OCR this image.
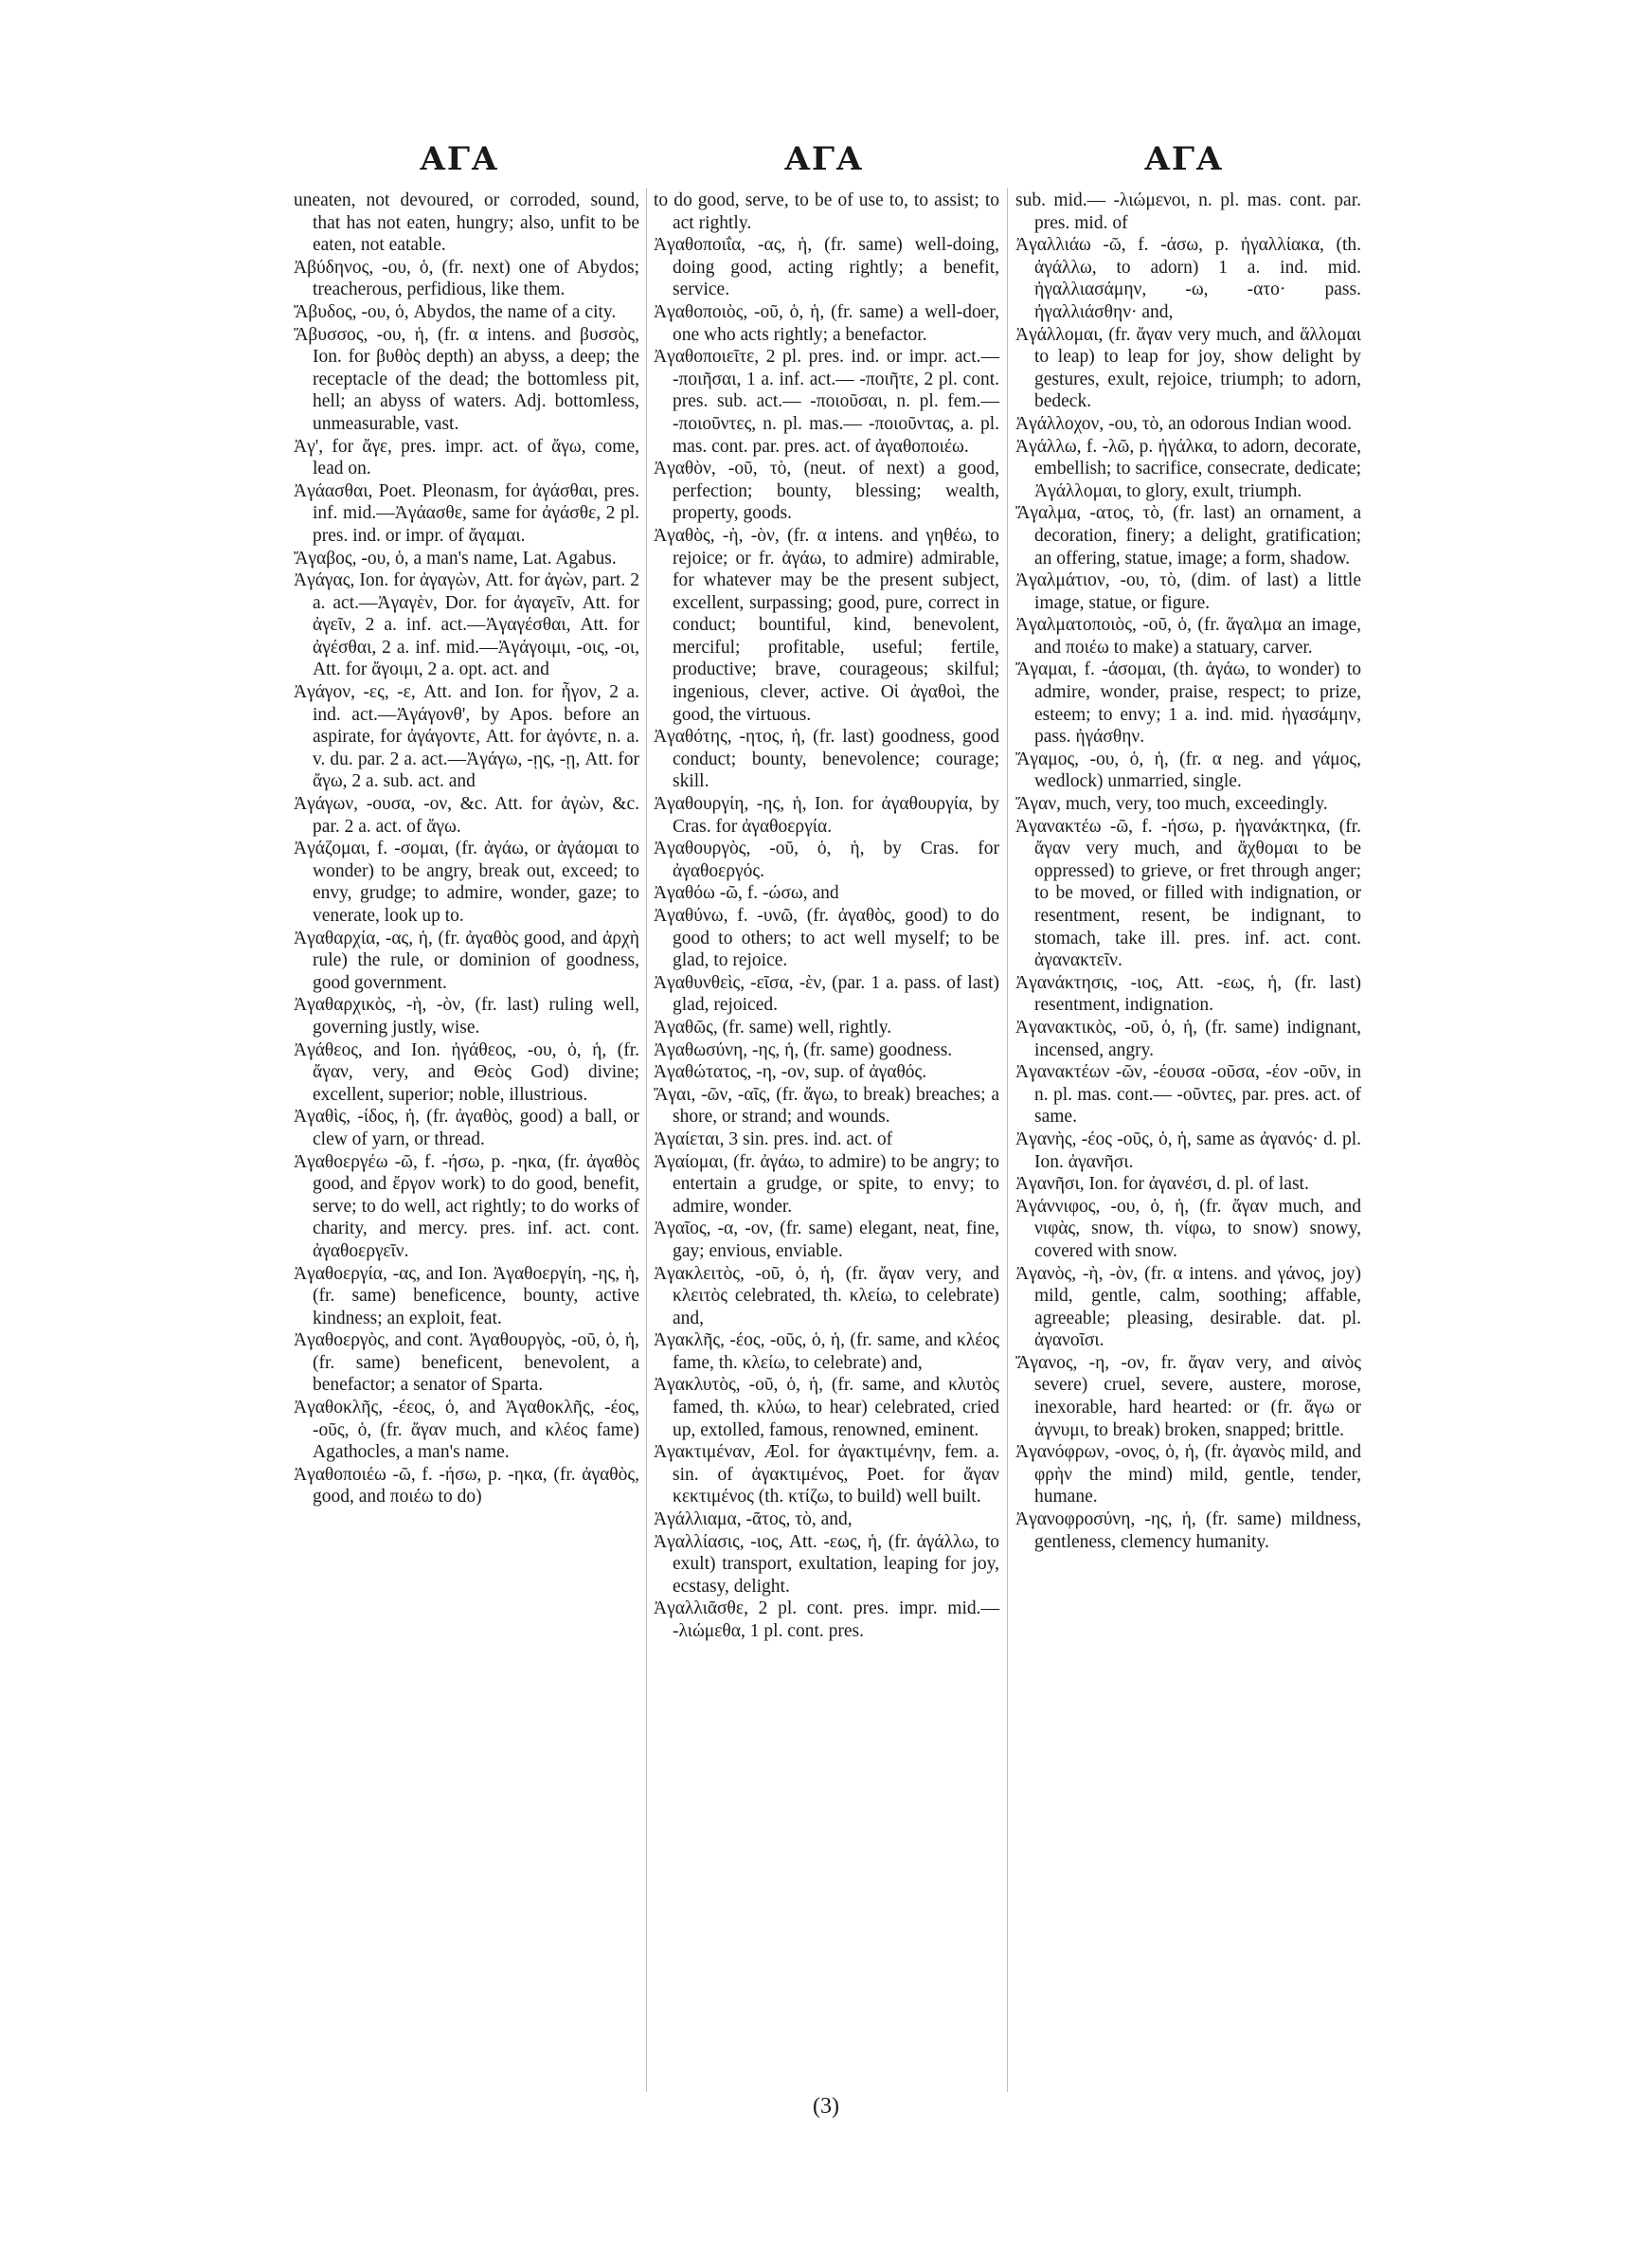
ΑΓΑ	ΑΓΑ	ΑΓΑ

uneaten, not devoured, or corroded, sound, that has not eaten, hungry; also, unfit to be eaten, not eatable.

Ἀβύδηνος, -ου, ὁ, (fr. next) one of Abydos; treacherous, perfidious, like them.

Ἄβυδος, -ου, ὁ, Abydos, the name of a city.

Ἄβυσσος, -ου, ἡ, (fr. α intens. and βυσσὸς, Ion. for βυθὸς depth) an abyss, a deep; the receptacle of the dead; the bottomless pit, hell; an abyss of waters. Adj. bottomless, unmeasurable, vast.

Ἀγ', for ἄγε, pres. impr. act. of ἄγω, come, lead on.

Ἀγάασθαι, Poet. Pleonasm, for ἀγάσθαι, pres. inf. mid.—Ἀγάασθε, same for ἀγάσθε, 2 pl. pres. ind. or impr. of ἄγαμαι.

Ἄγαβος, -ου, ὁ, a man's name, Lat. Agabus.

Ἀγάγας, Ion. for ἀγαγὼν, Att. for ἀγὼν, part. 2 a. act.—Ἀγαγὲν, Dor. for ἀγαγεῖν, Att. for ἀγεῖν, 2 a. inf. act.—Ἀγαγέσθαι, Att. for ἀγέσθαι, 2 a. inf. mid.—Ἀγάγοιμι, -οις, -οι, Att. for ἄγοιμι, 2 a. opt. act. and

Ἀγάγον, -ες, -ε, Att. and Ion. for ἦγον, 2 a. ind. act.—Ἀγάγονθ', by Apos. before an aspirate, for ἀγάγοντε, Att. for ἀγόντε, n. a. v. du. par. 2 a. act.—Ἀγάγω, -ῃς, -ῃ, Att. for ἄγω, 2 a. sub. act. and

Ἀγάγων, -ουσα, -ον, &c. Att. for ἀγὼν, &c. par. 2 a. act. of ἄγω.

Ἀγάζομαι, f. -σομαι, (fr. ἀγάω, or ἀγάομαι to wonder) to be angry, break out, exceed; to envy, grudge; to admire, wonder, gaze; to venerate, look up to.

Ἀγαθαρχία, -ας, ἡ, (fr. ἀγαθὸς good, and ἀρχὴ rule) the rule, or dominion of goodness, good government.

Ἀγαθαρχικὸς, -ὴ, -ὸν, (fr. last) ruling well, governing justly, wise.

Ἀγάθεος, and Ion. ἠγάθεος, -ου, ὁ, ἡ, (fr. ἄγαν, very, and Θεὸς God) divine; excellent, superior; noble, illustrious.

Ἀγαθὶς, -ίδος, ἡ, (fr. ἀγαθὸς, good) a ball, or clew of yarn, or thread.

Ἀγαθοεργέω -ῶ, f. -ήσω, p. -ηκα, (fr. ἀγαθὸς good, and ἔργον work) to do good, benefit, serve; to do well, act rightly; to do works of charity, and mercy. pres. inf. act. cont. ἀγαθοεργεῖν.

Ἀγαθοεργία, -ας, and Ion. Ἀγαθοεργίη, -ης, ἡ, (fr. same) beneficence, bounty, active kindness; an exploit, feat.

Ἀγαθοεργὸς, and cont. Ἀγαθουργὸς, -οῦ, ὁ, ἡ, (fr. same) beneficent, benevolent, a benefactor; a senator of Sparta.

Ἀγαθοκλῆς, -έεος, ὁ, and Ἀγαθοκλῆς, -έος, -οῦς, ὁ, (fr. ἄγαν much, and κλέος fame) Agathocles, a man's name.

Ἀγαθοποιέω -ῶ, f. -ήσω, p. -ηκα, (fr. ἀγαθὸς, good, and ποιέω to do)

to do good, serve, to be of use to, to assist; to act rightly.

Ἀγαθοποιΐα, -ας, ἡ, (fr. same) well-doing, doing good, acting rightly; a benefit, service.

Ἀγαθοποιὸς, -οῦ, ὁ, ἡ, (fr. same) a well-doer, one who acts rightly; a benefactor.

Ἀγαθοποιεῖτε, 2 pl. pres. ind. or impr. act.— -ποιῆσαι, 1 a. inf. act.— -ποιῆτε, 2 pl. cont. pres. sub. act.— -ποιοῦσαι, n. pl. fem.— -ποιοῦντες, n. pl. mas.— -ποιοῦντας, a. pl. mas. cont. par. pres. act. of ἀγαθοποιέω.

Ἀγαθὸν, -οῦ, τὸ, (neut. of next) a good, perfection; bounty, blessing; wealth, property, goods.

Ἀγαθὸς, -ὴ, -ὸν, (fr. α intens. and γηθέω, to rejoice; or fr. ἀγάω, to admire) admirable, for whatever may be the present subject, excellent, surpassing; good, pure, correct in conduct; bountiful, kind, benevolent, merciful; profitable, useful; fertile, productive; brave, courageous; skilful; ingenious, clever, active. Οἱ ἀγαθοὶ, the good, the virtuous.

Ἀγαθότης, -ητος, ἡ, (fr. last) goodness, good conduct; bounty, benevolence; courage; skill.

Ἀγαθουργίη, -ης, ἡ, Ion. for ἀγαθουργία, by Cras. for ἀγαθοεργία.

Ἀγαθουργὸς, -οῦ, ὁ, ἡ, by Cras. for ἀγαθοεργός.

Ἀγαθόω -ῶ, f. -ώσω, and

Ἀγαθύνω, f. -υνῶ, (fr. ἀγαθὸς, good) to do good to others; to act well myself; to be glad, to rejoice.

Ἀγαθυνθεὶς, -εῖσα, -ὲν, (par. 1 a. pass. of last) glad, rejoiced.

Ἀγαθῶς, (fr. same) well, rightly.

Ἀγαθωσύνη, -ης, ἡ, (fr. same) goodness.

Ἀγαθώτατος, -η, -ον, sup. of ἀγαθός.

Ἄγαι, -ῶν, -αῖς, (fr. ἄγω, to break) breaches; a shore, or strand; and wounds.

Ἀγαίεται, 3 sin. pres. ind. act. of

Ἀγαίομαι, (fr. ἀγάω, to admire) to be angry; to entertain a grudge, or spite, to envy; to admire, wonder.

Ἀγαῖος, -α, -ον, (fr. same) elegant, neat, fine, gay; envious, enviable.

Ἀγακλειτὸς, -οῦ, ὁ, ἡ, (fr. ἄγαν very, and κλειτὸς celebrated, th. κλείω, to celebrate) and,

Ἀγακλῆς, -έος, -οῦς, ὁ, ἡ, (fr. same, and κλέος fame, th. κλείω, to celebrate) and,

Ἀγακλυτὸς, -οῦ, ὁ, ἡ, (fr. same, and κλυτὸς famed, th. κλύω, to hear) celebrated, cried up, extolled, famous, renowned, eminent.

Ἀγακτιμέναν, Æol. for ἀγακτιμένην, fem. a. sin. of ἀγακτιμένος, Poet. for ἄγαν κεκτιμένος (th. κτίζω, to build) well built.

Ἀγάλλιαμα, -ᾶτος, τὸ, and,

Ἀγαλλίασις, -ιος, Att. -εως, ἡ, (fr. ἀγάλλω, to exult) transport, exultation, leaping for joy, ecstasy, delight.

Ἀγαλλιᾶσθε, 2 pl. cont. pres. impr. mid.— -λιώμεθα, 1 pl. cont. pres.

sub. mid.— -λιώμενοι, n. pl. mas. cont. par. pres. mid. of

Ἀγαλλιάω -ῶ, f. -άσω, p. ἠγαλλίακα, (th. ἀγάλλω, to adorn) 1 a. ind. mid. ἠγαλλιασάμην, -ω, -ατο· pass. ἠγαλλιάσθην· and,

Ἀγάλλομαι, (fr. ἄγαν very much, and ἅλλομαι to leap) to leap for joy, show delight by gestures, exult, rejoice, triumph; to adorn, bedeck.

Ἀγάλλοχον, -ου, τὸ, an odorous Indian wood.

Ἀγάλλω, f. -λῶ, p. ἠγάλκα, to adorn, decorate, embellish; to sacrifice, consecrate, dedicate; Ἀγάλλομαι, to glory, exult, triumph.

Ἄγαλμα, -ατος, τὸ, (fr. last) an ornament, a decoration, finery; a delight, gratification; an offering, statue, image; a form, shadow.

Ἀγαλμάτιον, -ου, τὸ, (dim. of last) a little image, statue, or figure.

Ἀγαλματοποιὸς, -οῦ, ὁ, (fr. ἄγαλμα an image, and ποιέω to make) a statuary, carver.

Ἄγαμαι, f. -άσομαι, (th. ἀγάω, to wonder) to admire, wonder, praise, respect; to prize, esteem; to envy; 1 a. ind. mid. ἠγασάμην, pass. ἠγάσθην.

Ἄγαμος, -ου, ὁ, ἡ, (fr. α neg. and γάμος, wedlock) unmarried, single.

Ἄγαν, much, very, too much, exceedingly.

Ἀγανακτέω -ῶ, f. -ήσω, p. ἠγανάκτηκα, (fr. ἄγαν very much, and ἄχθομαι to be oppressed) to grieve, or fret through anger; to be moved, or filled with indignation, or resentment, resent, be indignant, to stomach, take ill. pres. inf. act. cont. ἀγανακτεῖν.

Ἀγανάκτησις, -ιος, Att. -εως, ἡ, (fr. last) resentment, indignation.

Ἀγανακτικὸς, -οῦ, ὁ, ἡ, (fr. same) indignant, incensed, angry.

Ἀγανακτέων -ῶν, -έουσα -οῦσα, -έον -οῦν, in n. pl. mas. cont.— -οῦντες, par. pres. act. of same.

Ἀγανὴς, -έος -οῦς, ὁ, ἡ, same as ἀγανός· d. pl. Ion. ἀγανῆσι.

Ἀγανῆσι, Ion. for ἀγανέσι, d. pl. of last.

Ἀγάννιφος, -ου, ὁ, ἡ, (fr. ἄγαν much, and νιφὰς, snow, th. νίφω, to snow) snowy, covered with snow.

Ἀγανὸς, -ὴ, -ὸν, (fr. α intens. and γάνος, joy) mild, gentle, calm, soothing; affable, agreeable; pleasing, desirable. dat. pl. ἀγανοῖσι.

Ἄγανος, -η, -ον, fr. ἄγαν very, and αἰνὸς severe) cruel, severe, austere, morose, inexorable, hard hearted: or (fr. ἄγω or ἀγνυμι, to break) broken, snapped; brittle.

Ἀγανόφρων, -ονος, ὁ, ἡ, (fr. ἀγανὸς mild, and φρὴν the mind) mild, gentle, tender, humane.

Ἀγανοφροσύνη, -ης, ἡ, (fr. same) mildness, gentleness, clemency humanity.

(3)
